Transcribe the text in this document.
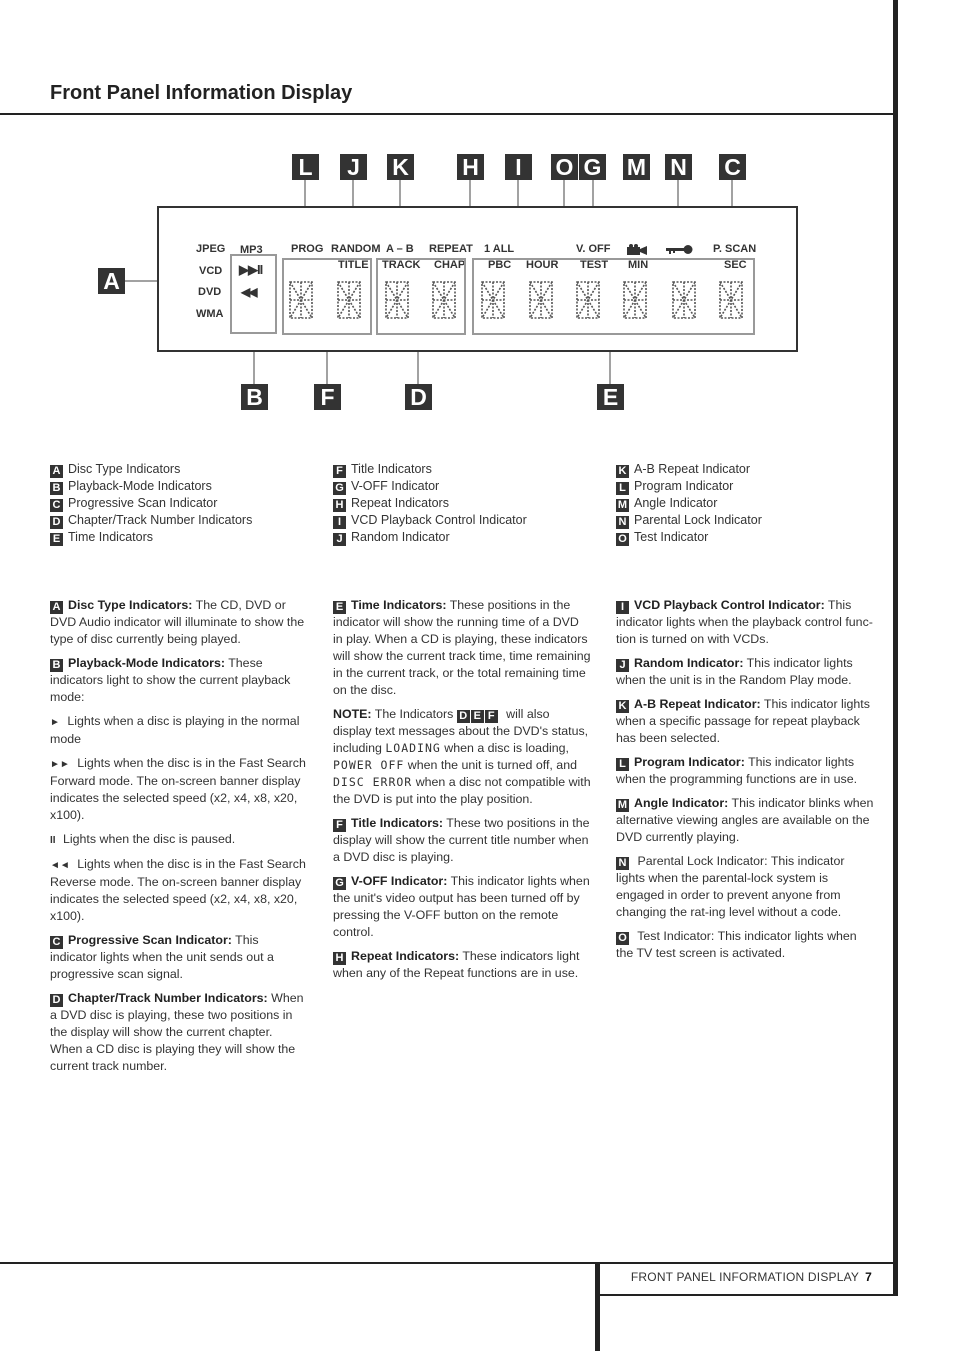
Front Panel Information Display
L	J	K H	I	O G M N C
A
B	F	D	E
JPEG MP3
VCD
DVD
WMA
PROG RANDOM
TITLE
A – B
TRACK
REPEAT
CHAP
1 ALL
PBC HOUR
V. OFF
TEST MIN
P. SCAN
SEC
▶▶II
◀◀
A Disc Type Indicators
B Playback-Mode Indicators
C Progressive Scan Indicator
D Chapter/Track Number Indicators
E Time Indicators
F Title Indicators
G V-OFF Indicator
H Repeat Indicators
I VCD Playback Control Indicator
J Random Indicator
K A-B Repeat Indicator
L Program Indicator
M Angle Indicator
N Parental Lock Indicator
O Test Indicator

A Disc Type Indicators: The CD, DVD or DVD Audio indicator will illuminate to show the type of disc currently being played.

B Playback-Mode Indicators: These indicators light to show the current playback mode:

► Lights when a disc is playing in the normal mode

►► Lights when the disc is in the Fast Search Forward mode. The on-screen banner display indicates the selected speed (x2, x4, x8, x20, x100).

II Lights when the disc is paused.

◄◄ Lights when the disc is in the Fast Search Reverse mode. The on-screen banner display indicates the selected speed (x2, x4, x8, x20, x100).

C Progressive Scan Indicator: This indicator lights when the unit sends out a progressive scan signal.

D Chapter/Track Number Indicators: When a DVD disc is playing, these two positions in the display will show the current chapter. When a CD disc is playing they will show the current track number.

E Time Indicators: These positions in the indicator will show the running time of a DVD in play. When a CD is playing, these indicators will show the current track time, time remaining in the current track, or the total remaining time on the disc.

NOTE: The Indicators D E F will also display text messages about the DVD's status, including LOADING when a disc is loading, POWER OFF when the unit is turned off, and DISC ERROR when a disc not compatible with the DVD is put into the play position.

F Title Indicators: These two positions in the display will show the current title number when a DVD disc is playing.

G V-OFF Indicator: This indicator lights when the unit's video output has been turned off by pressing the V-OFF button on the remote control.

H Repeat Indicators: These indicators light when any of the Repeat functions are in use.

I VCD Playback Control Indicator: This indicator lights when the playback control func-tion is turned on with VCDs.

J Random Indicator: This indicator lights when the unit is in the Random Play mode.

K A-B Repeat Indicator: This indicator lights when a specific passage for repeat playback has been selected.

L Program Indicator: This indicator lights when the programming functions are in use.

M Angle Indicator: This indicator blinks when alternative viewing angles are available on the DVD currently playing.

N Parental Lock Indicator: This indicator lights when the parental-lock system is engaged in order to prevent anyone from changing the rat-ing level without a code.

O Test Indicator: This indicator lights when the TV test screen is activated.

FRONT PANEL INFORMATION DISPLAY 7
